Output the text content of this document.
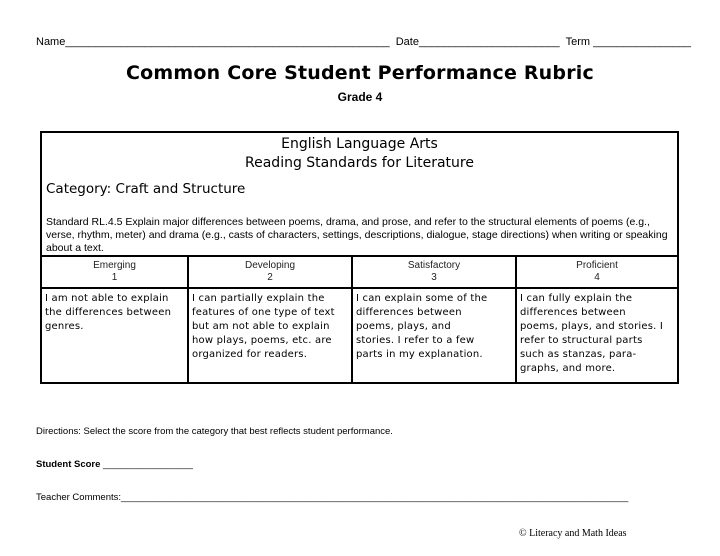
Name_____________________________________________________  Date_______________________  Term ________________
Common Core Student Performance Rubric
Grade 4
English Language Arts
Reading Standards for Literature
Category: Craft and Structure
Standard RL.4.5 Explain major differences between poems, drama, and prose, and refer to the structural elements of poems (e.g., verse, rhythm, meter) and drama (e.g., casts of characters, settings, descriptions, dialogue, stage directions) when writing or speaking about a text.
Emerging
1
Developing
2
Satisfactory
3
Proficient
4
I am not able to explain
the differences between
genres.
I can partially explain the
features of one type of text
but am not able to explain
how plays, poems, etc. are
organized for readers.
I can explain some of the
differences between
poems, plays, and
stories. I refer to a few
parts in my explanation.
I can fully explain the
differences between
poems, plays, and stories. I
refer to structural parts
such as stanzas, para-
graphs, and more.
Directions: Select the score from the category that best reflects student performance.
Student Score _________________
Teacher Comments:________________________________________________________________________________________________
© Literacy and Math Ideas
